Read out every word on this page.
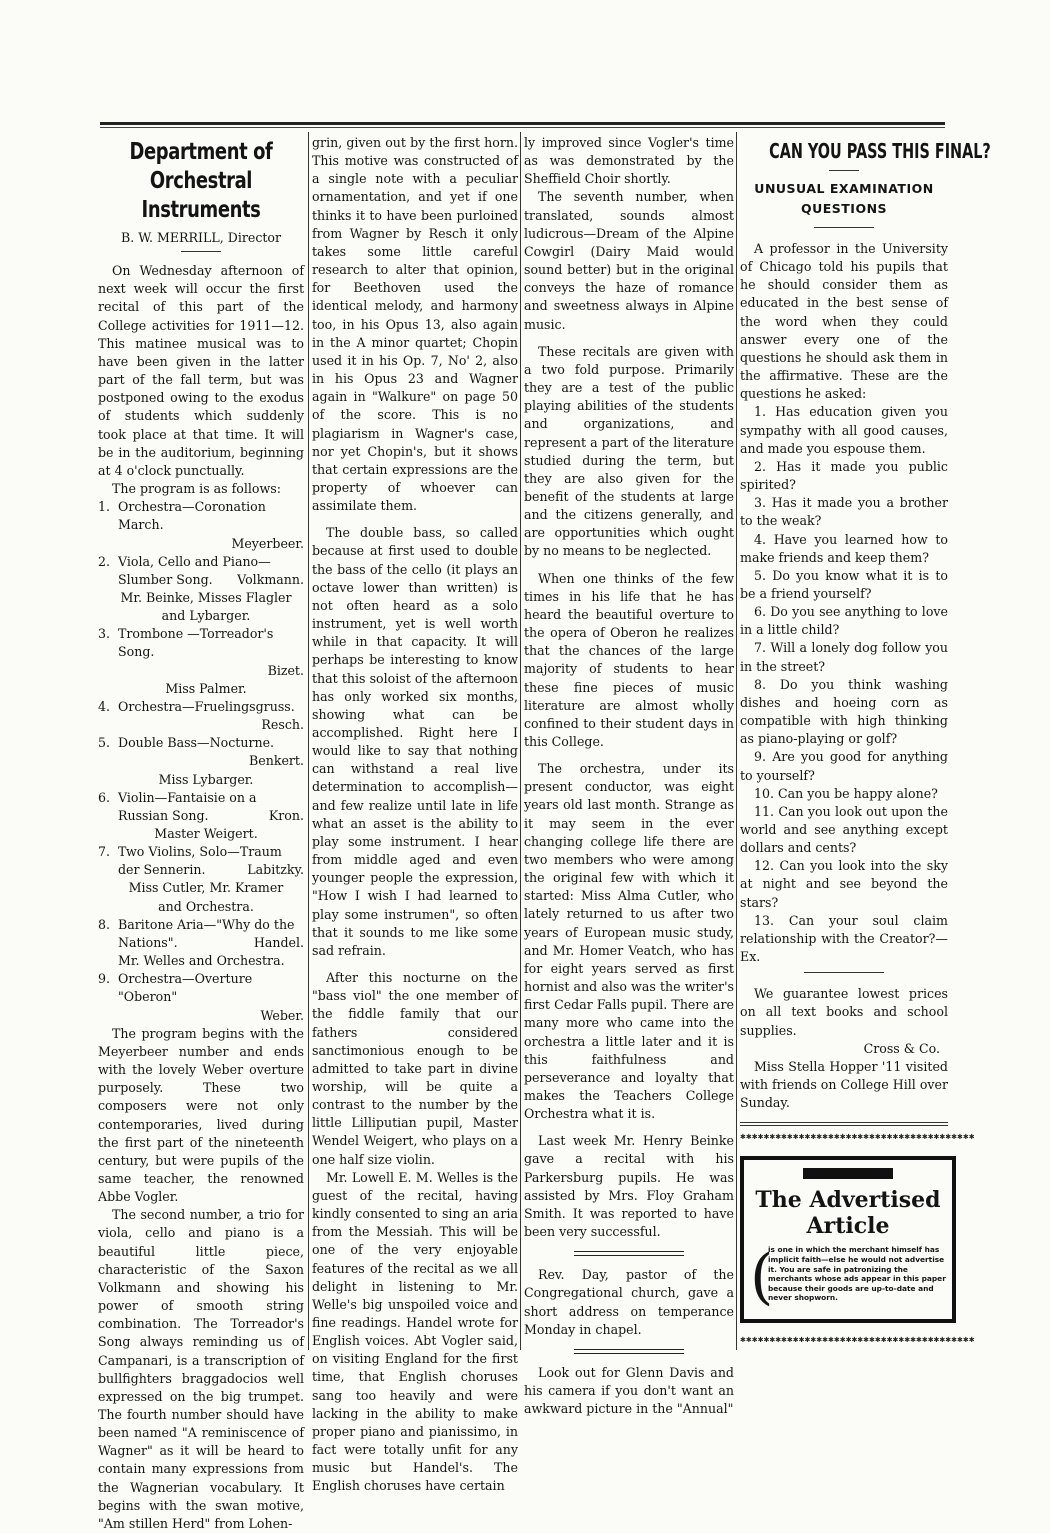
Department of Orchestral Instruments
B. W. MERRILL, Director

On Wednesday afternoon of next week will occur the first recital of this part of the College activities for 1911—12. This matinee musical was to have been given in the latter part of the fall term, but was postponed owing to the exodus of students which suddenly took place at that time. It will be in the auditorium, beginning at 4 o'clock punctually.

The program is as follows:

1. Orchestra—Coronation March.
Meyerbeer.
2. Viola, Cello and Piano—Slumber Song. Volkmann.
Mr. Beinke, Misses Flagler and Lybarger.
3. Trombone —Torreador's Song.
Bizet.
Miss Palmer.
4. Orchestra—Fruelingsgruss.
Resch.
5. Double Bass—Nocturne.
Benkert.
Miss Lybarger.
6. Violin—Fantaisie on a Russian Song.	Kron.
Master Weigert.
7. Two Violins, Solo—Traum der Sennerin.	Labitzky.
Miss Cutler, Mr. Kramer and Orchestra.
8. Baritone Aria—"Why do the Nations".	Handel.
Mr. Welles and Orchestra.
9. Orchestra—Overture "Oberon"
Weber.

The program begins with the Meyerbeer number and ends with the lovely Weber overture purposely. These two composers were not only contemporaries, lived during the first part of the nineteenth century, but were pupils of the same teacher, the renowned Abbe Vogler.

The second number, a trio for viola, cello and piano is a beautiful little piece, characteristic of the Saxon Volkmann and showing his power of smooth string combination. The Torreador's Song always reminding us of Campanari, is a transcription of bullfighters braggadocios well expressed on the big trumpet. The fourth number should have been named "A reminiscence of Wagner" as it will be heard to contain many expressions from the Wagnerian vocabulary. It begins with the swan motive, "Am stillen Herd" from Lohen-

grin, given out by the first horn. This motive was constructed of a single note with a peculiar ornamentation, and yet if one thinks it to have been purloined from Wagner by Resch it only takes some little careful research to alter that opinion, for Beethoven used the identical melody, and harmony too, in his Opus 13, also again in the A minor quartet; Chopin used it in his Op. 7, No' 2, also in his Opus 23 and Wagner again in "Walkure" on page 50 of the score. This is no plagiarism in Wagner's case, nor yet Chopin's, but it shows that certain expressions are the property of whoever can assimilate them.

The double bass, so called because at first used to double the bass of the cello (it plays an octave lower than written) is not often heard as a solo instrument, yet is well worth while in that capacity. It will perhaps be interesting to know that this soloist of the afternoon has only worked six months, showing what can be accomplished. Right here I would like to say that nothing can withstand a real live determination to accomplish—and few realize until late in life what an asset is the ability to play some instrument. I hear from middle aged and even younger people the expression, "How I wish I had learned to play some instrumen", so often that it sounds to me like some sad refrain.

After this nocturne on the "bass viol" the one member of the fiddle family that our fathers considered sanctimonious enough to be admitted to take part in divine worship, will be quite a contrast to the number by the little Lilliputian pupil, Master Wendel Weigert, who plays on a one half size violin.

Mr. Lowell E. M. Welles is the guest of the recital, having kindly consented to sing an aria from the Messiah. This will be one of the very enjoyable features of the recital as we all delight in listening to Mr. Welle's big unspoiled voice and fine readings. Handel wrote for English voices. Abt Vogler said, on visiting England for the first time, that English choruses sang too heavily and were lacking in the ability to make proper piano and pianissimo, in fact were totally unfit for any music but Handel's. The English choruses have certain

ly improved since Vogler's time as was demonstrated by the Sheffield Choir shortly.

The seventh number, when translated, sounds almost ludicrous—Dream of the Alpine Cowgirl (Dairy Maid would sound better) but in the original conveys the haze of romance and sweetness always in Alpine music.

These recitals are given with a two fold purpose. Primarily they are a test of the public playing abilities of the students and organizations, and represent a part of the literature studied during the term, but they are also given for the benefit of the students at large and the citizens generally, and are opportunities which ought by no means to be neglected.

When one thinks of the few times in his life that he has heard the beautiful overture to the opera of Oberon he realizes that the chances of the large majority of students to hear these fine pieces of music literature are almost wholly confined to their student days in this College.

The orchestra, under its present conductor, was eight years old last month. Strange as it may seem in the ever changing college life there are two members who were among the original few with which it started: Miss Alma Cutler, who lately returned to us after two years of European music study, and Mr. Homer Veatch, who has for eight years served as first hornist and also was the writer's first Cedar Falls pupil. There are many more who came into the orchestra a little later and it is this faithfulness and perseverance and loyalty that makes the Teachers College Orchestra what it is.

Last week Mr. Henry Beinke gave a recital with his Parkersburg pupils. He was assisted by Mrs. Floy Graham Smith. It was reported to have been very successful.

Rev. Day, pastor of the Congregational church, gave a short address on temperance Monday in chapel.

Look out for Glenn Davis and his camera if you don't want an awkward picture in the "Annual"

CAN YOU PASS THIS FINAL?
UNUSUAL EXAMINATION
QUESTIONS

A professor in the University of Chicago told his pupils that he should consider them as educated in the best sense of the word when they could answer every one of the questions he should ask them in the affirmative. These are the questions he asked:

1. Has education given you sympathy with all good causes, and made you espouse them.

2. Has it made you public spirited?

3. Has it made you a brother to the weak?

4. Have you learned how to make friends and keep them?

5. Do you know what it is to be a friend yourself?

6. Do you see anything to love in a little child?

7. Will a lonely dog follow you in the street?

8. Do you think washing dishes and hoeing corn as compatible with high thinking as piano-playing or golf?

9. Are you good for anything to yourself?

10. Can you be happy alone?

11. Can you look out upon the world and see anything except dollars and cents?

12. Can you look into the sky at night and see beyond the stars?

13. Can your soul claim relationship with the Creator?—Ex.

We guarantee lowest prices on all text books and school supplies.

Cross & Co.

Miss Stella Hopper '11 visited with friends on College Hill over Sunday.

✱✱✱✱✱✱✱✱✱✱✱✱✱✱✱✱✱✱✱✱✱✱✱✱✱✱✱✱✱✱✱✱✱✱✱✱✱✱✱✱
The Advertised Article
(
is one in which the merchant himself has implicit faith—else he would not advertise it. You are safe in patronizing the merchants whose ads appear in this paper because their goods are up-to-date and never shopworn.
✱✱✱✱✱✱✱✱✱✱✱✱✱✱✱✱✱✱✱✱✱✱✱✱✱✱✱✱✱✱✱✱✱✱✱✱✱✱✱✱
